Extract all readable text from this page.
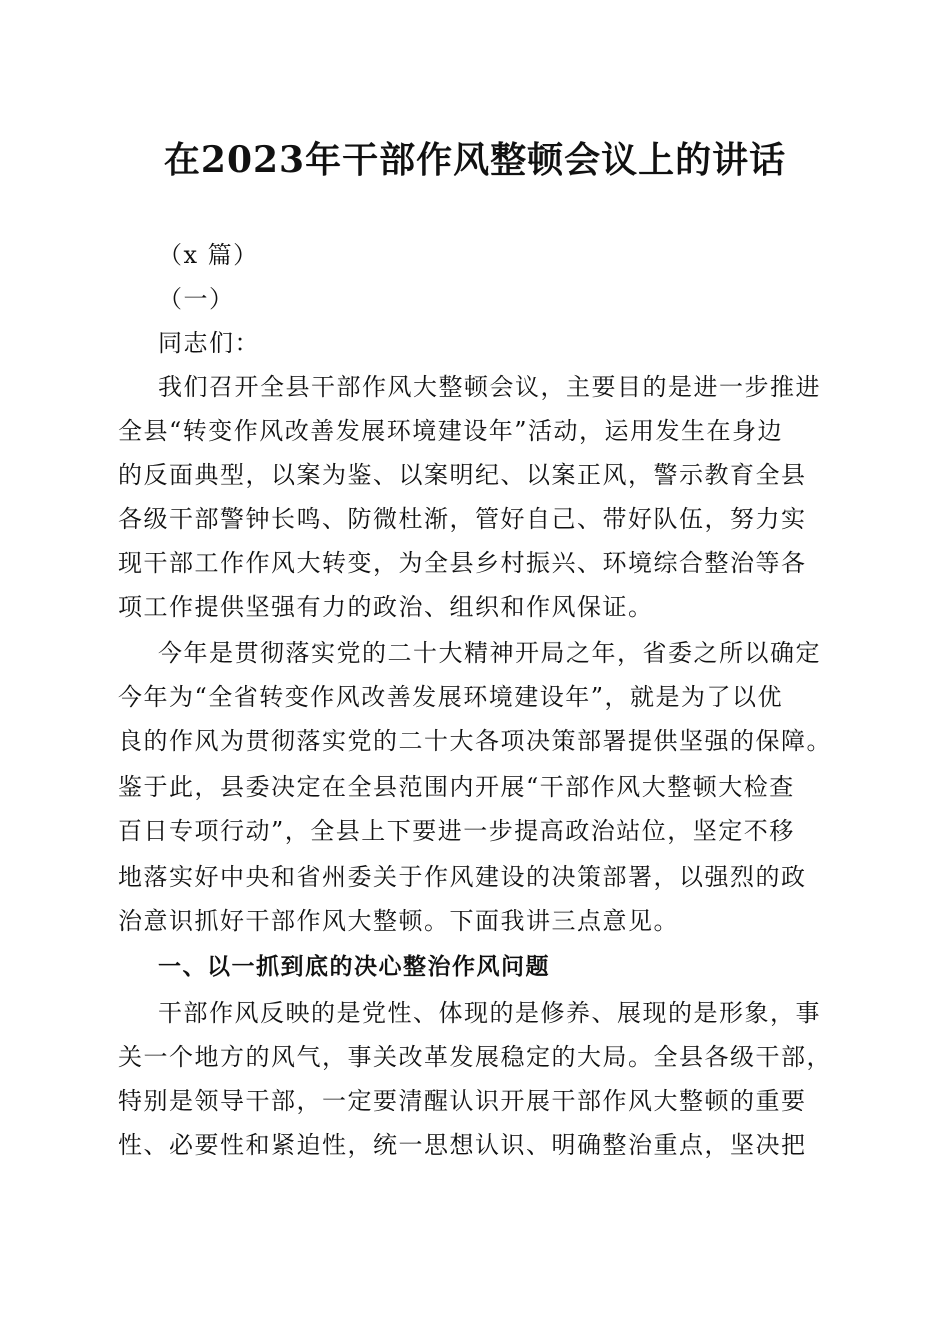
在2023年干部作风整顿会议上的讲话

（x 篇）

（一）

同志们：

我们召开全县干部作风大整顿会议，主要目的是进一步推进

全县“转变作风改善发展环境建设年”活动，运用发生在身边

的反面典型，以案为鉴、以案明纪、以案正风，警示教育全县

各级干部警钟长鸣、防微杜渐，管好自己、带好队伍，努力实

现干部工作作风大转变，为全县乡村振兴、环境综合整治等各

项工作提供坚强有力的政治、组织和作风保证。

今年是贯彻落实党的二十大精神开局之年，省委之所以确定

今年为“全省转变作风改善发展环境建设年”，就是为了以优

良的作风为贯彻落实党的二十大各项决策部署提供坚强的保障。

鉴于此，县委决定在全县范围内开展“干部作风大整顿大检查

百日专项行动”，全县上下要进一步提高政治站位，坚定不移

地落实好中央和省州委关于作风建设的决策部署，以强烈的政

治意识抓好干部作风大整顿。下面我讲三点意见。

一、以一抓到底的决心整治作风问题

干部作风反映的是党性、体现的是修养、展现的是形象，事

关一个地方的风气，事关改革发展稳定的大局。全县各级干部，

特别是领导干部，一定要清醒认识开展干部作风大整顿的重要

性、必要性和紧迫性，统一思想认识、明确整治重点，坚决把
